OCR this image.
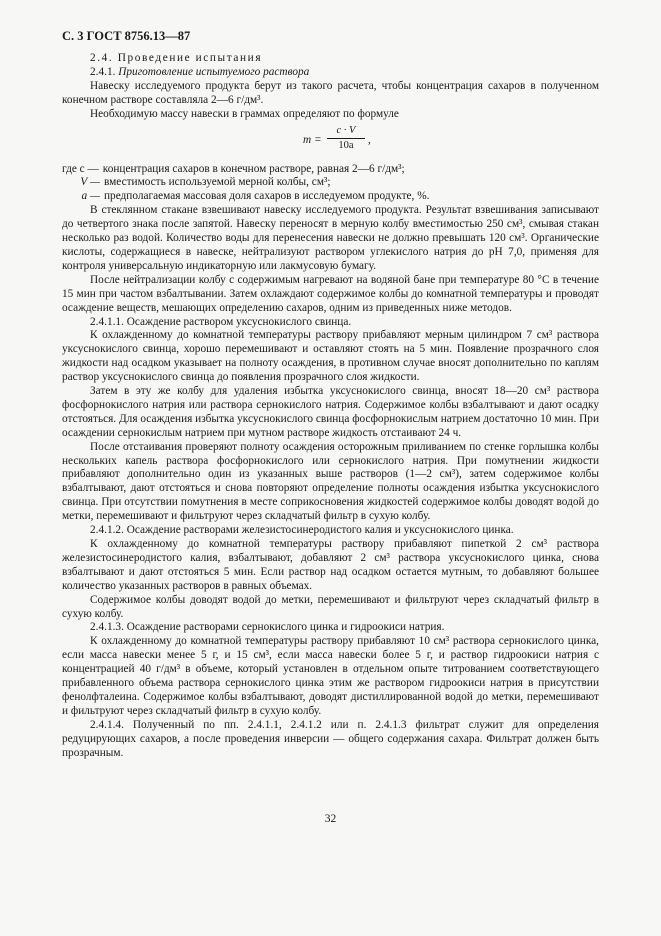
С. 3 ГОСТ 8756.13—87

2.4. Проведение испытания

2.4.1. Приготовление испытуемого раствора

Навеску исследуемого продукта берут из такого расчета, чтобы концентрация сахаров в полученном конечном растворе составляла 2—6 г/дм³.

Необходимую массу навески в граммах определяют по формуле

$m = \frac{c \cdot V}{10a}$ ,
где c — концентрация сахаров в конечном растворе, равная 2—6 г/дм³;
V — вместимость используемой мерной колбы, см³;
a — предполагаемая массовая доля сахаров в исследуемом продукте, %.

В стеклянном стакане взвешивают навеску исследуемого продукта. Результат взвешивания записывают до четвертого знака после запятой. Навеску переносят в мерную колбу вместимостью 250 см³, смывая стакан несколько раз водой. Количество воды для перенесения навески не должно превышать 120 см³. Органические кислоты, содержащиеся в навеске, нейтрализуют раствором углекислого натрия до рН 7,0, применяя для контроля универсальную индикаторную или лакмусовую бумагу.

После нейтрализации колбу с содержимым нагревают на водяной бане при температуре 80 °С в течение 15 мин при частом взбалтывании. Затем охлаждают содержимое колбы до комнатной температуры и проводят осаждение веществ, мешающих определению сахаров, одним из приведенных ниже методов.

2.4.1.1. Осаждение раствором уксуснокислого свинца.

К охлажденному до комнатной температуры раствору прибавляют мерным цилиндром 7 см³ раствора уксуснокислого свинца, хорошо перемешивают и оставляют стоять на 5 мин. Появление прозрачного слоя жидкости над осадком указывает на полноту осаждения, в противном случае вносят дополнительно по каплям раствор уксуснокислого свинца до появления прозрачного слоя жидкости.

Затем в эту же колбу для удаления избытка уксуснокислого свинца, вносят 18—20 см³ раствора фосфорнокислого натрия или раствора сернокислого натрия. Содержимое колбы взбалтывают и дают осадку отстояться. Для осаждения избытка уксуснокислого свинца фосфорнокислым натрием достаточно 10 мин. При осаждении сернокислым натрием при мутном растворе жидкость отстаивают 24 ч.

После отстаивания проверяют полноту осаждения осторожным приливанием по стенке горлышка колбы нескольких капель раствора фосфорнокислого или сернокислого натрия. При помутнении жидкости прибавляют дополнительно один из указанных выше растворов (1—2 см³), затем содержимое колбы взбалтывают, дают отстояться и снова повторяют определение полноты осаждения избытка уксуснокислого свинца. При отсутствии помутнения в месте соприкосновения жидкостей содержимое колбы доводят водой до метки, перемешивают и фильтруют через складчатый фильтр в сухую колбу.

2.4.1.2. Осаждение растворами железистосинеродистого калия и уксуснокислого цинка.

К охлажденному до комнатной температуры раствору прибавляют пипеткой 2 см³ раствора железистосинеродистого калия, взбалтывают, добавляют 2 см³ раствора уксуснокислого цинка, снова взбалтывают и дают отстояться 5 мин. Если раствор над осадком остается мутным, то добавляют большее количество указанных растворов в равных объемах.

Содержимое колбы доводят водой до метки, перемешивают и фильтруют через складчатый фильтр в сухую колбу.

2.4.1.3. Осаждение растворами сернокислого цинка и гидроокиси натрия.

К охлажденному до комнатной температуры раствору прибавляют 10 см³ раствора сернокислого цинка, если масса навески менее 5 г, и 15 см³, если масса навески более 5 г, и раствор гидроокиси натрия с концентрацией 40 г/дм³ в объеме, который установлен в отдельном опыте титрованием соответствующего прибавленного объема раствора сернокислого цинка этим же раствором гидроокиси натрия в присутствии фенолфталеина. Содержимое колбы взбалтывают, доводят дистиллированной водой до метки, перемешивают и фильтруют через складчатый фильтр в сухую колбу.

2.4.1.4. Полученный по пп. 2.4.1.1, 2.4.1.2 или п. 2.4.1.3 фильтрат служит для определения редуцирующих сахаров, а после проведения инверсии — общего содержания сахара. Фильтрат должен быть прозрачным.

32
